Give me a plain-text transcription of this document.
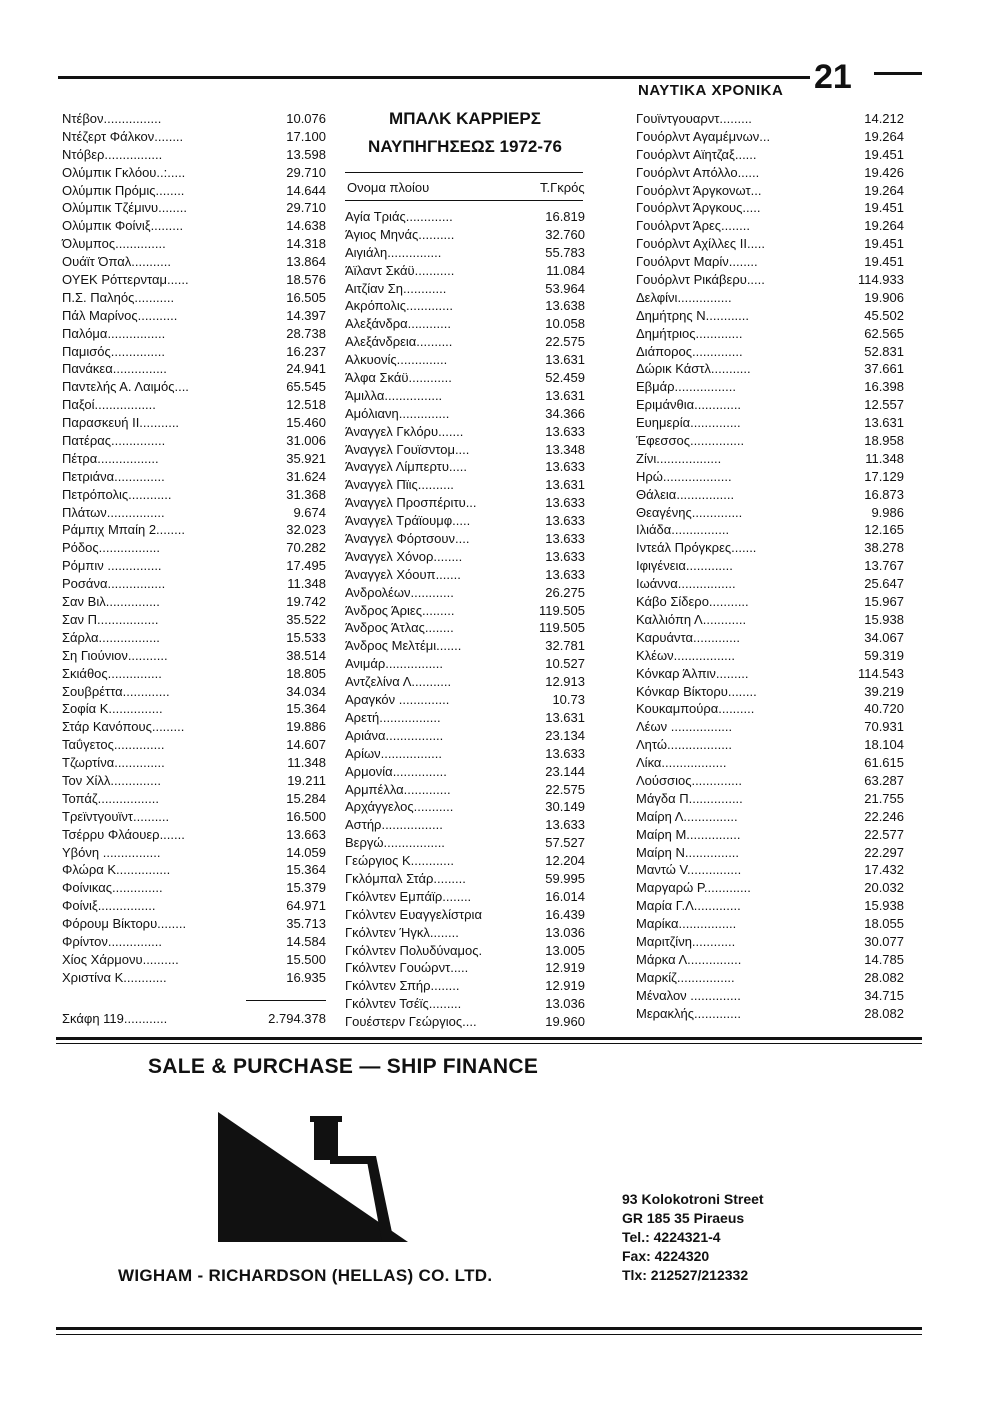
21
ΝΑΥΤΙΚΑ ΧΡΟΝΙΚΑ
Ντέβον................	10.076
Ντέζερτ Φάλκον........	17.100
Ντόβερ................	13.598
Ολύμπικ Γκλόου..:.....	29.710
Ολύμπικ Πρόμις........	14.644
Ολύμπικ Τζέμινυ........	29.710
Ολύμπικ Φοίνιξ.........	14.638
Όλυμπος..............	14.318
Ουάϊτ Όπαλ...........	13.864
ΟΥΕΚ Ρόττερνταμ......	18.576
Π.Σ. Παληός...........	16.505
Πάλ Μαρίνος...........	14.397
Παλόμα................	28.738
Παμισός...............	16.237
Πανάκεα...............	24.941
Παντελής Α. Λαιμός....	65.545
Παξοί.................	12.518
Παρασκευή ΙΙ...........	15.460
Πατέρας...............	31.006
Πέτρα.................	35.921
Πετριάνα..............	31.624
Πετρόπολις............	31.368
Πλάτων................	9.674
Ράμπιχ Μπαίη 2........	32.023
Ρόδος.................	70.282
Ρόμπιν ...............	17.495
Ροσάνα................	11.348
Σαν Βιλ...............	19.742
Σαν Π.................	35.522
Σάρλα.................	15.533
Ση Γιούνιον...........	38.514
Σκιάθος...............	18.805
Σουβρέττα.............	34.034
Σοφία Κ...............	15.364
Στάρ Κανόπους.........	19.886
Ταΰγετος..............	14.607
Τζωρτίνα..............	11.348
Τον Χίλλ..............	19.211
Τοπάζ.................	15.284
Τρεϊντγουϊντ..........	16.500
Τσέρρυ Φλάουερ.......	13.663
Υβόνη ................	14.059
Φλώρα Κ...............	15.364
Φοίνικας..............	15.379
Φοίνιξ................	64.971
Φόρουμ Βίκτορυ........	35.713
Φρίντον...............	14.584
Χίος Χάρμονυ..........	15.500
Χριστίνα Κ............	16.935
Αγία Τριάς.............	16.819
Άγιος Μηνάς..........	32.760
Αιγιάλη...............	55.783
Άϊλαντ Σκάϋ...........	11.084
Αιτζίαν Ση............	53.964
Ακρόπολις.............	13.638
Αλεξάνδρα............	10.058
Αλεξάνδρεια..........	22.575
Αλκυονίς..............	13.631
Άλφα Σκάϋ............	52.459
Άμιλλα................	13.631
Αμόλιανη..............	34.366
Άναγγελ Γκλόρυ.......	13.633
Άναγγελ Γουϊσντομ....	13.348
Άναγγελ Λίμπερτυ.....	13.633
Άναγγελ Πϊις..........	13.631
Άναγγελ Προσπέριτυ...	13.633
Άναγγελ Τράϊουμφ.....	13.633
Άναγγελ Φόρτσουν....	13.633
Άναγγελ Χόνορ........	13.633
Άναγγελ Χόουπ.......	13.633
Ανδρολέων............	26.275
Άνδρος Άριες.........	119.505
Άνδρος Άτλας........	119.505
Άνδρος Μελτέμι.......	32.781
Ανιμάρ................	10.527
Αντζελίνα Λ...........	12.913
Αραγκόν ..............	10.73
Αρετή.................	13.631
Αριάνα................	23.134
Αρίων.................	13.633
Αρμονία...............	23.144
Αρμπέλλα.............	22.575
Αρχάγγελος...........	30.149
Αστήρ.................	13.633
Βεργώ.................	57.527
Γεώργιος Κ............	12.204
Γκλόμπαλ Στάρ.........	59.995
Γκόλντεν Εμπάϊρ........	16.014
Γκόλντεν Ευαγγελίστρια	16.439
Γκόλντεν Ήγκλ........	13.036
Γκόλντεν Πολυδύναμος.	13.005
Γκόλντεν Γουώρντ.....	12.919
Γκόλντεν Σπήρ........	12.919
Γκόλντεν Τσέϊς.........	13.036
Γουέστερν Γεώργιος....	19.960
Γουϊντγουαρντ.........	14.212
Γουόρλντ Αγαμέμνων...	19.264
Γουόρλντ Αϊητζαξ......	19.451
Γουόρλντ Απόλλο......	19.426
Γουόρλντ Άργκονωτ...	19.264
Γουόρλντ Άργκους.....	19.451
Γουόλρντ Άρες........	19.264
Γουόρλντ Αχίλλες ΙΙ.....	19.451
Γουόλρντ Μαρίν........	19.451
Γουόρλντ Ρικάβερυ.....	114.933
Δελφίνι...............	19.906
Δημήτρης Ν............	45.502
Δημήτριος.............	62.565
Διάπορος..............	52.831
Δώρικ Κάστλ...........	37.661
Εβμάρ.................	16.398
Εριμάνθια.............	12.557
Ευημερία..............	13.631
Έφεσσος...............	18.958
Ζίνι..................	11.348
Ηρώ...................	17.129
Θάλεια................	16.873
Θεαγένης..............	9.986
Ιλιάδα................	12.165
Ιντεάλ Πρόγκρες.......	38.278
Ιφιγένεια.............	13.767
Ιωάννα................	25.647
Κάβο Σίδερο...........	15.967
Καλλιόπη Λ............	15.938
Καρυάντα.............	34.067
Κλέων.................	59.319
Κόνκαρ Άλπιν.........	114.543
Κόνκαρ Βίκτορυ........	39.219
Κουκαμπούρα..........	40.720
Λέων .................	70.931
Λητώ..................	18.104
Λίκα..................	61.615
Λούσσιος..............	63.287
Μάγδα Π...............	21.755
Μαίρη Λ...............	22.246
Μαίρη Μ...............	22.577
Μαίρη Ν...............	22.297
Μαντώ V...............	17.432
Μαργαρώ Ρ.............	20.032
Μαρία Γ.Λ.............	15.938
Μαρίκα................	18.055
Μαριτζίνη............	30.077
Μάρκα Λ...............	14.785
Μαρκίζ................	28.082
Μέναλον ..............	34.715
Μερακλής.............	28.082
ΜΠΑΛΚ ΚΑΡΡΙΕΡΣ
ΝΑΥΠΗΓΗΣΕΩΣ 1972-76
Ονομα πλοίου	Τ.Γκρός
Σκάφη 119............	2.794.378
SALE & PURCHASE — SHIP FINANCE
WIGHAM - RICHARDSON (HELLAS) CO. LTD.
93 Kolokotroni Street
GR 185 35 Piraeus
Tel.: 4224321-4
Fax: 4224320
Tlx: 212527/212332
